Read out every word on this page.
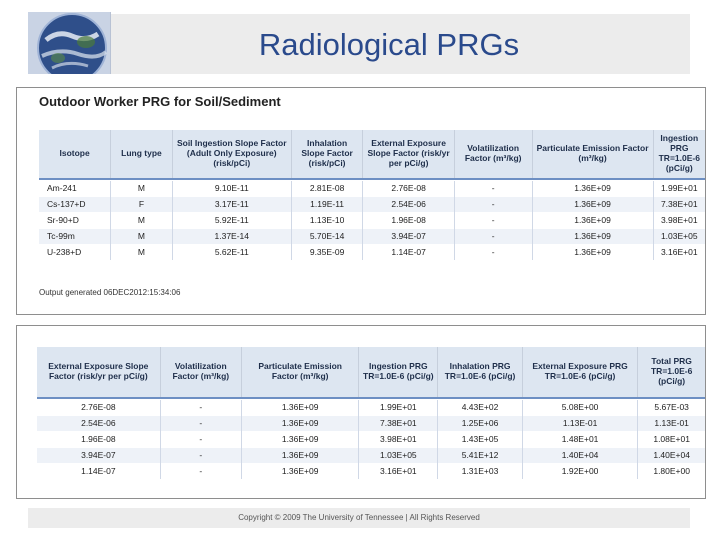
Radiological PRGs
Outdoor Worker PRG for Soil/Sediment
Isotope	Lung type	Soil Ingestion Slope Factor (Adult Only Exposure) (risk/pCi)	Inhalation Slope Factor (risk/pCi)	External Exposure Slope Factor (risk/yr per pCi/g)	Volatilization Factor (m³/kg)	Particulate Emission Factor (m³/kg)	Ingestion PRG TR=1.0E-6 (pCi/g)

Am-241	M	9.10E-11	2.81E-08	2.76E-08	-	1.36E+09	1.99E+01
Cs-137+D	F	3.17E-11	1.19E-11	2.54E-06	-	1.36E+09	7.38E+01
Sr-90+D	M	5.92E-11	1.13E-10	1.96E-08	-	1.36E+09	3.98E+01
Tc-99m	M	1.37E-14	5.70E-14	3.94E-07	-	1.36E+09	1.03E+05
U-238+D	M	5.62E-11	9.35E-09	1.14E-07	-	1.36E+09	3.16E+01
Output generated 06DEC2012:15:34:06
External Exposure Slope Factor (risk/yr per pCi/g)	Volatilization Factor (m³/kg)	Particulate Emission Factor (m³/kg)	Ingestion PRG TR=1.0E-6 (pCi/g)	Inhalation PRG TR=1.0E-6 (pCi/g)	External Exposure PRG TR=1.0E-6 (pCi/g)	Total PRG TR=1.0E-6 (pCi/g)

2.76E-08	-	1.36E+09	1.99E+01	4.43E+02	5.08E+00	5.67E-03
2.54E-06	-	1.36E+09	7.38E+01	1.25E+06	1.13E-01	1.13E-01
1.96E-08	-	1.36E+09	3.98E+01	1.43E+05	1.48E+01	1.08E+01
3.94E-07	-	1.36E+09	1.03E+05	5.41E+12	1.40E+04	1.40E+04
1.14E-07	-	1.36E+09	3.16E+01	1.31E+03	1.92E+00	1.80E+00
Copyright © 2009 The University of Tennessee | All Rights Reserved
